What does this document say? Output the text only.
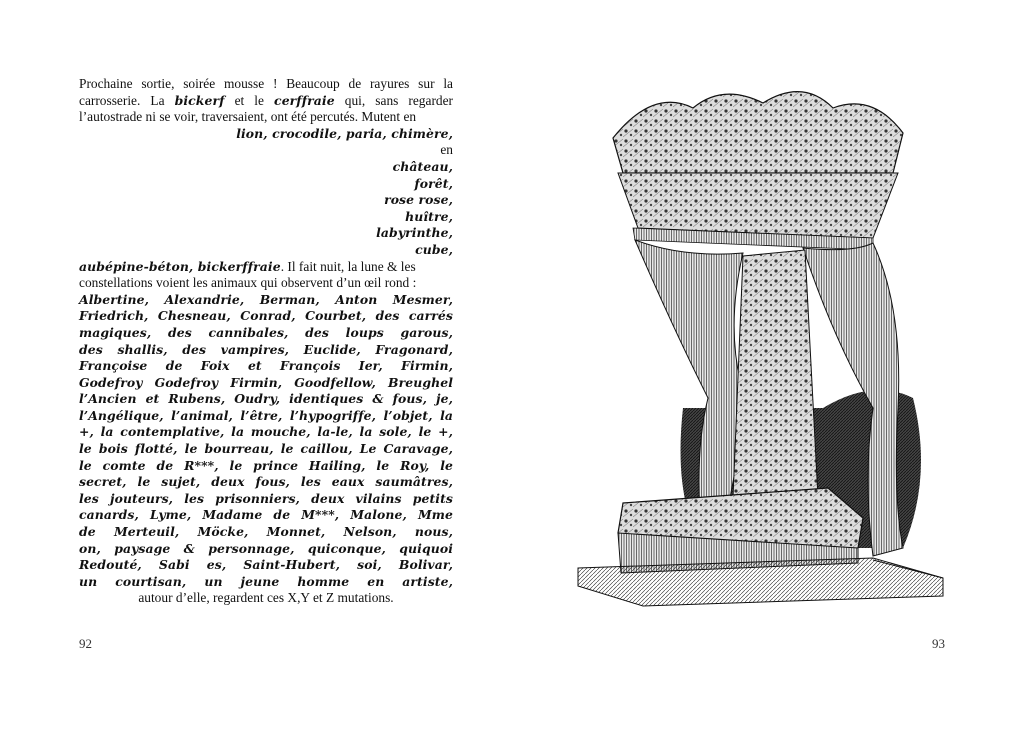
Prochaine sortie, soirée mousse ! Beaucoup de rayures sur la
carrosserie. La bickerf et le cerffraie qui, sans regarder
l’autostrade ni se voir, traversaient, ont été percutés. Mutent en
lion, crocodile, paria, chimère,
en
château,
forêt,
rose rose,
huître,
labyrinthe,
cube,
aubépine-béton, bickerffraie. Il fait nuit, la lune & les
constellations voient les animaux qui observent d’un œil rond :
Albertine, Alexandrie, Berman, Anton Mesmer,
Friedrich, Chesneau, Conrad, Courbet, des carrés
magiques, des cannibales, des loups garous,
des shallis, des vampires, Euclide, Fragonard,
Françoise de Foix et François Ier, Firmin,
Godefroy Godefroy Firmin, Goodfellow, Breughel
l’Ancien et Rubens, Oudry, identiques & fous, je,
l’Angélique, l’animal, l’être, l’hypogriffe, l’objet, la
+, la contemplative, la mouche, la-le, la sole, le +,
le bois flotté, le bourreau, le caillou, Le Caravage,
le comte de R***, le prince Hailing, le Roy, le
secret, le sujet, deux fous, les eaux saumâtres,
les jouteurs, les prisonniers, deux vilains petits
canards, Lyme, Madame de M***, Malone, Mme
de Merteuil, Möcke, Monnet, Nelson, nous,
on, paysage & personnage, quiconque, quiquoi
Redouté, Sabi es, Saint-Hubert, soi, Bolivar,
un courtisan, un jeune homme en artiste,
autour d’elle, regardent ces X,Y et Z mutations.
92	93
